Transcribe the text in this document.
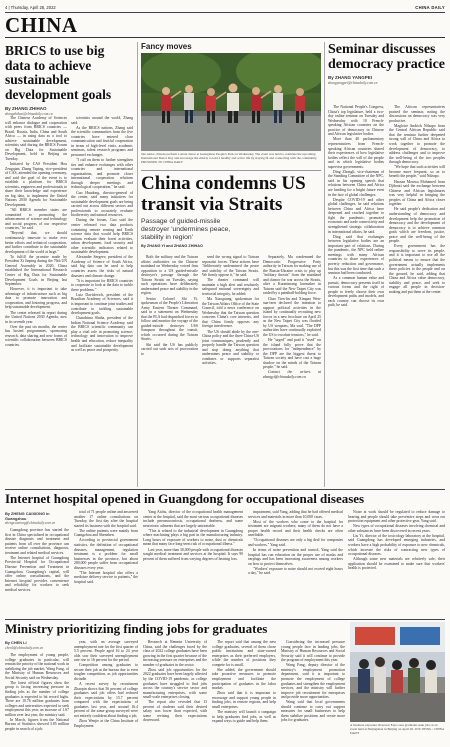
4 | Thursday, April 28, 2022	CHINA DAILY
CHINA
BRICS to use big data to achieve sustainable development goals
By ZHANG ZHIHAO
zhangzhihao@chinadaily.com.cn

The Chinese Academy of Sciences will enhance dialogue and cooperation with peers from BRICS countries — Brazil, Russia, India, China and South Africa — in using data as a tool to achieve sustainable development, scientists said during the BRICS Forum on Big Data for Sustainable Development, held in Beijing on Tuesday.

Initiated by CAS President Hou Zengqian, Zhang Yaping, vice-president of CAS, attended the opening ceremony, and said the goal of the event is to establish a platform for BRICS scientists, engineers and professionals to share their knowledge and experience on big data, to implement the United Nations 2030 Agenda for Sustainable Development.

"All BRICS member states are committed to promoting the advancement of science and technology and social progress of our respective countries," he said.

"Beyond that, we should continuously innovate to make ever better efforts and technical cooperation, and further contribute to the sustainable development of the world at large."

To fulfill the promise made by President Xi Jinping during the 76th UN General Assembly in 2020, China established the International Research Center of Big Data for Sustainable Development Goals in Beijing last September.

However, it is important to take advantage of infrastructure such as big data to promote innovation and cooperation, and fostering progress, and help sustainable development.

The center released its report during the United Nations 2030 Agenda, now in its seventh year.

Over the past six months, the center has hosted programmes, sponsoring research, data sharing and new forms of scientific collaboration between BRICS countries.

scientists around the world, Zhang said.

As the BRICS nations, Zhang said the scientific communities from the five countries have entered close communication and fruitful cooperation in terms of high-level visits, academic seminars, talent research programs and personnel exchanges.

"I call on them to further strengthen ties and enhance exchanges with other countries and international organizations, and promote closer international cooperation relations through deeper meetings and technological cooperation," he said.

Guo Huadong, director-general of the center, said many initiatives for sustainable development goals are being carried out across different sectors and professionals to accurately evaluate biodiversity and natural resources.

During the forum, Guo said the center released two data products containing remote sensing and Earth science data that would help BRICS nations evaluate their forest activities, urban development, food security and other scientific indicators related to sustainable development.

Alexander Sergeev, president of the Academy of Science of South Africa, said big data can be used to help countries assess the risks of natural disasters and climate change.

"It is important for BRICS countries to cooperate to look at the data to tackle these problems."

Luiz Davidovich, president of the Brazilian Academy of Sciences, said it is important to continue joint studies and contribute to tackling sustainable development goals.

Chandrima Shaha, president of the Indian National Science Academy, said the BRICS scientific community can play a vital role in promoting science, technology and innovation to improve health and education, reduce inequality and facilitate sustainable development as well as peace and prosperity.

Fancy moves
Ten senior citizens perform a street dance at Guangzhou People's Park on Wednesday. The event was held to celebrate the upcoming International Dance Day and encourage the elderly to lead a healthy and active life by staying fit and connecting with the community. PROVIDED TO CHINA DAILY
China condemns US transit via Straits
Passage of guided-missile destroyer 'undermines peace, stability in region'
By ZHANG YI and ZHANG ZHIHAO

Both the military and the Taiwan affairs authorities on the Chinese mainland on Wednesday voiced firm opposition to a US guided-missile destroyer's passage through the Taiwan Straits on Tuesday, saying such operations have deliberately undermined peace and stability in the region.

Senior Colonel Shi Yi, spokesman of the People's Liberation Army Eastern Theater Command, said in a statement on Wednesday that the PLA had dispatched forces to follow and monitor the voyage of the guided-missile destroyer USS Sampson throughout the transit, which occurred during the Taiwan Straits.

Shi said the US has publicly carried out such acts of provocation to

send the wrong signal to Taiwan separatist forces. These actions have "deliberately undermined the peace and stability of the Taiwan Straits. We firmly oppose it," he said.

The theater command will maintain a high alert and resolutely safeguard national sovereignty and territorial integrity, he added.

Ma Xiaoguang, spokesman for the Taiwan Affairs Office of the State Council, told a news conference on Wednesday that the Taiwan question concerns China's core interests, and that China firmly opposes any foreign interference.

The US should abide by the one-China policy and the three China-US joint communiques, prudently and properly handle the Taiwan question and stop doing anything that undermines peace and stability or condones or supports separatist activities.

Separately, Ma condemned the Democratic Progressive Party authority in Taiwan for making use of the Russia-Ukraine crisis to play up "military threats" from the mainland and clamor for war across the Straits, after a Kuomintang lawmaker in Taiwan said the New Taipei City was raided by a paintball-holding force.

Chao Tien-lin and Ximpao Wen-sun-tzen declared the intention to support political activities in the island by continually recruiting new forces in a new brochure on April 25 as the New Taipei City was flooded by US weapons, Ma said. "The DPP authorities have continually exploited the US to escalate tensions," he said.

He "urged" and paid it "used" on the island fully prove that the provocations for "independence" by the DPP are the biggest threat to Taiwan society and have cast a huge shadow on the minds of the Taiwan people," he said.

Contact the writers at zhangyi@chinadaily.com.cn

Seminar discusses democracy practice
By ZHANG YANGPEI
zhangyangpei@chinadaily.com.cn

The National People's Congress, China's top legislature, held a two-day online seminar on Tuesday and Wednesday with 10 French-speaking African countries on the practice of democracy in Chinese and African legislative bodies.

More than 40 parliamentary representatives from French-speaking African countries shared their experiences of how legislative bodies reflect the will of the people and in which legislative bodies supervise governments.

Ding Zhongli, vice-chairman of the Standing Committee of the NPC, said in his opening speech that relations between China and Africa are heading for a bright future even in the face of global challenges.

Despite COVID-19 and other global challenges, he said relations between China and Africa have deepened and reached together to fight the pandemic, promoted economic and trade connectivity and strengthened strategic collaboration in international affairs, he said.

Ding said that exchanges between legislative bodies are an important part of relations. During the pandemic, the NPC held online meetings with many African countries to share experiences of poverty reduction and governance, but this was the first time that such a seminar had been conducted.

As a common human value and pursuit, democracy presents itself in various forms and the right of people to freely choose their own development paths and models, and each country can choose its own path, he said.

The African representatives praised the seminar, noting the discussions on democracy was very productive.

Magloire Andrick Ndzapo from the Central African Republic said that the seminar further deepened strong will of China and Africa to work together to promote the development of democracy, to address challenges and to improve the well-being of the two peoples through democracy.

"We hope that such activities will become more frequent, so as to benefit the people," said Ndzapo.

Hassan Moussa Mohamed from Djibouti said the exchange between Chinese and African legislatures was very helpful in bringing the peoples of China and Africa closer together.

He said people's dedication and understanding of democracy and development help the promotion of democracy and the development of democracy is to achieve common goals which are freedom, justice, peace and the well-being of the people.

Every government has the responsibility to serve its people, and it is important to use all the political means to ensure that the government actually implements these policies to the people and on the ground, he said, adding that China and Africa value democracy, stability and peace, and seek to engage all people in decision-making and put them at the center.

Internet hospital opened in Guangdong for occupational diseases
By ZHENG CAIXIONG in Guangzhou
zhengcaixiong@chinadaily.com.cn

Guangdong province has started the first in China specialized in occupational disease diagnosis and treatment and patients from all over the province can receive online consultations, diagnosis, treatment and related medical services.

The Internet hospital of Guangdong Provincial Hospital for Occupational Disease Prevention and Treatment in Guangzhou, Guangdong's capital, will offer online consultations, and the Internet hospital provides convenience and reliability for workers to seek medical services.

total of 71 people online and answered another 17 online consultations on Tuesday, the first day after the hospital started its business with the hospital said.

The online patients were mainly from Guangzhou and Shenzhen.

According to provincial government statistics, the definition of occupational diseases, management, regulation treatment is a problem for small businesses in the province, but about 280,000 people suffer from occupational diseases every year.

"The Internet hospital also offers a medicine delivery service to patients," the hospital said.

Yang Aichu, director of the occupational health management center at the hospital, said the most serious occupational diseases include pneumoconiosis, occupational deafness, and some neurotoxic ailments that are largely untreatable.

"This is related to the industrial development in Guangdong where machining plays a big part in the manufacturing industry. Long hours of exposure of workers to noise, dust or chemicals mean that many face long-term risk of occupational illness."

Last year, more than 30,000 people with occupational diseases sought medical treatment and services at the hospital. It says 90 percent of them suffered from varying degrees of hearing loss.

impairment, said Yang, adding that he had offered medical services and materials in more than 10,000 cases.

Most of the workers who come to the hospital for treatment are migrant workers; many of them do not have a proper health record and their health checks are often unreliable.

"Occupational diseases are only a big deal for companies and workers," Yang said.

In terms of noise prevention and control, Yang said the hospital has run education on the proper use of masks and earplugs and has been increasing awareness among workers on how to protect themselves.

"Workers' exposure to noise should not exceed eight hours a day," he said.

Noise at work should be regulated to reduce damage to hearing and people should take preventive steps and wear ear protection equipment and other protective gear, Yang said.

New types of occupational diseases involving chemical and other substances have been discovered in recent years.

Liu Yi, director of the toxicology laboratory at the hospital, said Guangdong has developed emerging industries, and workers have a high probability of exposure to new chemicals, which increase the risks of contracting new types of occupational diseases.

Although some new materials are relatively safe, their application should be examined to make sure that workers' health is protected.

Ministry prioritizing finding jobs for graduates
By CHEN LI
chenli@chinadaily.com.cn

The employment of young people, college graduates in particular, will remain the priority of the national work in stabilizing the job market, Wang Fang, of the Ministry of Human Resources and Social Security said on Wednesday.

The latest official figures show the group is facing increasing pressure in finding jobs as the number of college graduates is expected to hit record highs. There are 10.76 million graduates from colleges and universities expected to seek employment this year, an increase of 1.67 million over last year, the ministry said.

In March, figures from the National Bureau of Statistics showed 3.85 million people in search of a job.

year, with an average surveyed unemployment rate for the first quarter of 5.5 percent. People aged 16 to 24 year olds saw their surveyed unemployment rate rise to 16 percent for the period.

Competition among graduates to secure their job at the bureau due to even tougher competition, as job opportunities dwindle.

A recent survey by recruitment Zhaopin shows that 56 percent of college graduates said job offers had reduced their expectations by 15.7 percent compared with the expectations of graduates last year, and around 16.4 percent of the same group surveyed were not entirely confident about finding a job.

Zhou Wenjie at the China Institute of Employment

Research at Renmin University of China, said the challenges faced by the class of 2022 college graduates have been growing in the first quarter because of the increasing pressure on enterprises and the number of graduates in the sector.

Zhou said job opportunities for the 2022 graduates have been largely affected by the COVID-19 pandemic, as college graduates have struggled to find jobs across the country's service sector and manufacturing enterprises, with some small-scale enterprises closing.

The report also revealed that 13 percent of students said their desired salary was lower than expected, with some revising their expectations downward.

The report said that among the new college graduates, several of them chose public institutions and state-owned enterprises as their preferred employers, while the number of positions they compete for is small.

She added, the government should take proactive measures to promote employment and facilitate the participation of graduates in the labor market.

Zhou said that it is important to encourage and support young people in finding jobs, in remote regions, and help small enterprises.

The ministry will launch a campaign to help graduates find jobs, as well as expand ways to guide and help them.

Considering the increased pressure young people face in landing jobs, the Ministry of Human Resources and Social Security said it will continue to provide the program of employment this year.

Wang Fang, deputy director of the ministry's employment promotion department, said it is important to promote the employment of college graduates and strengthen the employment services, and the ministry will further improve job recruitment for enterprises and provide more opportunities.

Wang said that local governments should continue to carry out support measures for small businesses to help them stabilize positions and create more jobs for graduates.

A business exposure Overseas Expo sees graduates seek jobs at an event held at Shijingshan in Beijing on April 26. ZOU HONG / CHINA DAILY
